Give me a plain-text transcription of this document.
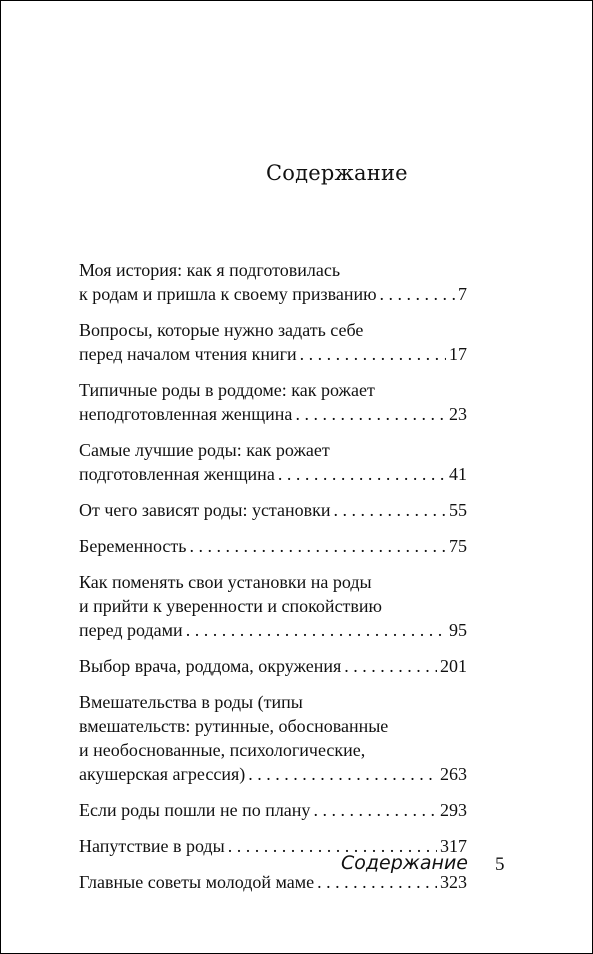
Содержание
Моя история: как я подготовилась
к родам и пришла к своему призванию . . .	7
Вопросы, которые нужно задать себе
перед началом чтения книги . . .	17
Типичные роды в роддоме: как рожает
неподготовленная женщина . . .	23
Самые лучшие роды: как рожает
подготовленная женщина . . .	41
От чего зависят роды: установки . . .	55
Беременность . . .	75
Как поменять свои установки на роды
и прийти к уверенности и спокойствию
перед родами . . .	95
Выбор врача, роддома, окружения . . .	201
Вмешательства в роды (типы
вмешательств: рутинные, обоснованные
и необоснованные, психологические,
акушерская агрессия) . . .	263
Если роды пошли не по плану . . .	293
Напутствие в роды . . .	317
Главные советы молодой маме . . .	323
Содержание 5
